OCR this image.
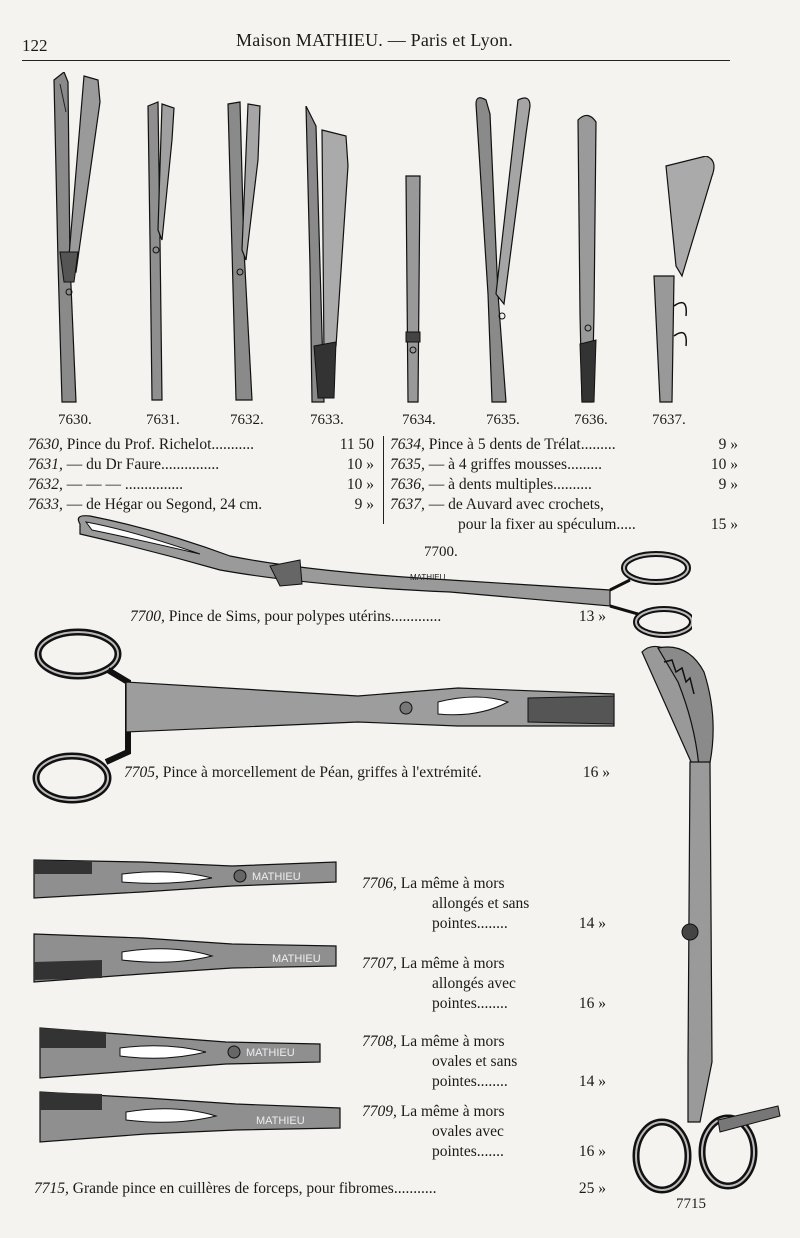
122	Maison MATHIEU. — Paris et Lyon.
7630.	7631.	7632.	7633.	7634.	7635.	7636.	7637.
7630, Pince du Prof. Richelot...........	11 50
7631, — du Dr Faure...............	10 »
7632, — — — ...............	10 »
7633, — de Hégar ou Segond, 24 cm.	9 »
7634, Pince à 5 dents de Trélat.........	9 »
7635, — à 4 griffes mousses.........	10 »
7636, — à dents multiples..........	9 »
7637, — de Auvard avec crochets,
pour la fixer au spéculum.....	15 »
7700.
MATHIEU
7700, Pince de Sims, pour polypes utérins.............	13 »
7705, Pince à morcellement de Péan, griffes à l'extrémité.	16 »
MATHIEU
MATHIEU
MATHIEU
MATHIEU
7706, La même à mors
allongés et sans
pointes........	14 »
7707, La même à mors
allongés avec
pointes........	16 »
7708, La même à mors
ovales et sans
pointes........	14 »
7709, La même à mors
ovales avec
pointes.......	16 »
7715
7715, Grande pince en cuillères de forceps, pour fibromes...........	25 »
